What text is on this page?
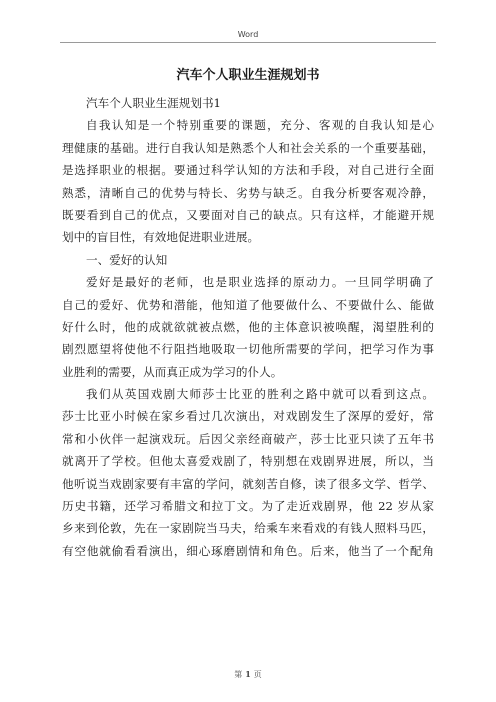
Word
汽车个人职业生涯规划书
汽车个人职业生涯规划书1
自我认知是一个特别重要的课题，充分、客观的自我认知是心
理健康的基础。进行自我认知是熟悉个人和社会关系的一个重要基础，
是选择职业的根据。要通过科学认知的方法和手段，对自己进行全面
熟悉，清晰自己的优势与特长、劣势与缺乏。自我分析要客观冷静，
既要看到自己的优点，又要面对自己的缺点。只有这样，才能避开规
划中的盲目性，有效地促进职业进展。
一、爱好的认知
爱好是最好的老师，也是职业选择的原动力。一旦同学明确了
自己的爱好、优势和潜能，他知道了他要做什么、不要做什么、能做
好什么时，他的成就欲就被点燃，他的主体意识被唤醒，渴望胜利的
剧烈愿望将使他不行阻挡地吸取一切他所需要的学问，把学习作为事
业胜利的需要，从而真正成为学习的仆人。
我们从英国戏剧大师莎士比亚的胜利之路中就可以看到这点。
莎士比亚小时候在家乡看过几次演出，对戏剧发生了深厚的爱好，常
常和小伙伴一起演戏玩。后因父亲经商破产，莎士比亚只读了五年书
就离开了学校。但他太喜爱戏剧了，特别想在戏剧界进展，所以，当
他听说当戏剧家要有丰富的学问，就刻苦自修，读了很多文学、哲学、
历史书籍，还学习希腊文和拉丁文。为了走近戏剧界，他 22 岁从家
乡来到伦敦，先在一家剧院当马夫，给乘车来看戏的有钱人照料马匹，
有空他就偷看看演出，细心琢磨剧情和角色。后来，他当了一个配角
第 1 页
